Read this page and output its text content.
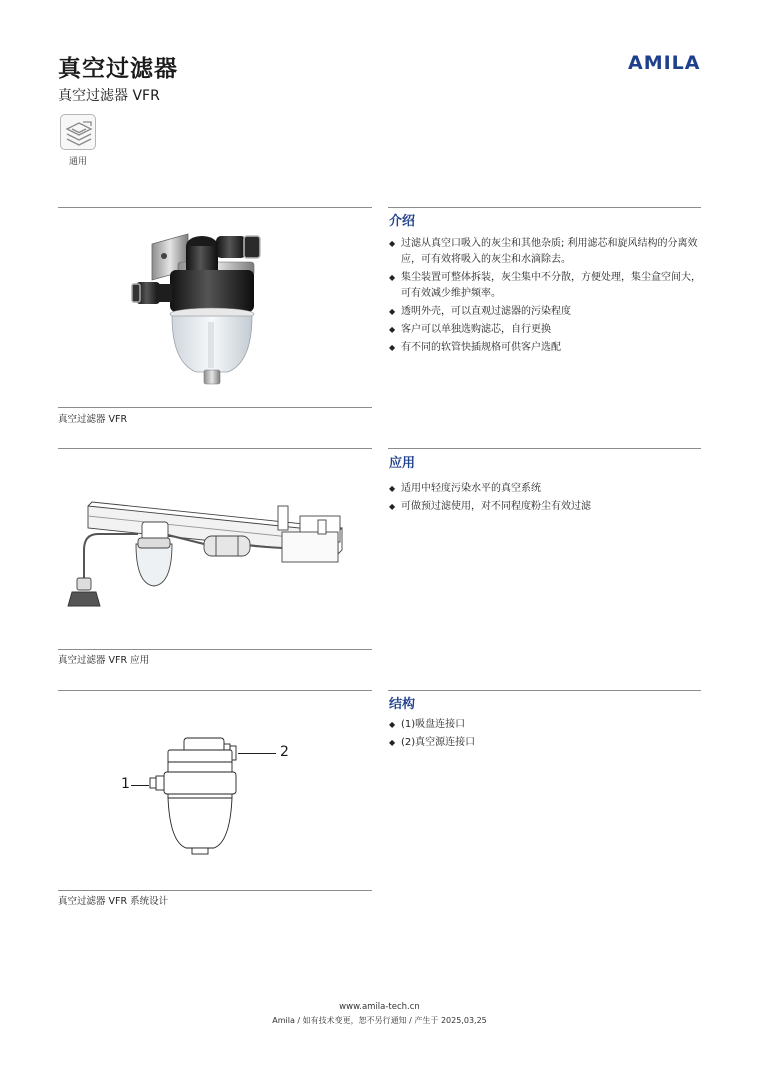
真空过滤器
真空过滤器 VFR
AMILA
通用
介绍
真空过滤器 VFR
◆ 过滤从真空口吸入的灰尘和其他杂质; 利用滤芯和旋风结构的分离效应，可有效将吸入的灰尘和水滴除去。
◆ 集尘装置可整体拆装，灰尘集中不分散，方便处理，集尘盒空间大，可有效减少维护频率。
◆ 透明外壳，可以直观过滤器的污染程度
◆ 客户可以单独选购滤芯，自行更换
◆ 有不同的软管快插规格可供客户选配
应用
真空过滤器 VFR 应用
◆ 适用中轻度污染水平的真空系统
◆ 可做预过滤使用，对不同程度粉尘有效过滤
结构
1
2
真空过滤器 VFR 系统设计
◆ (1)吸盘连接口
◆ (2)真空源连接口
www.amila-tech.cn
Amila / 如有技术变更，恕不另行通知 / 产生于 2025,03,25
